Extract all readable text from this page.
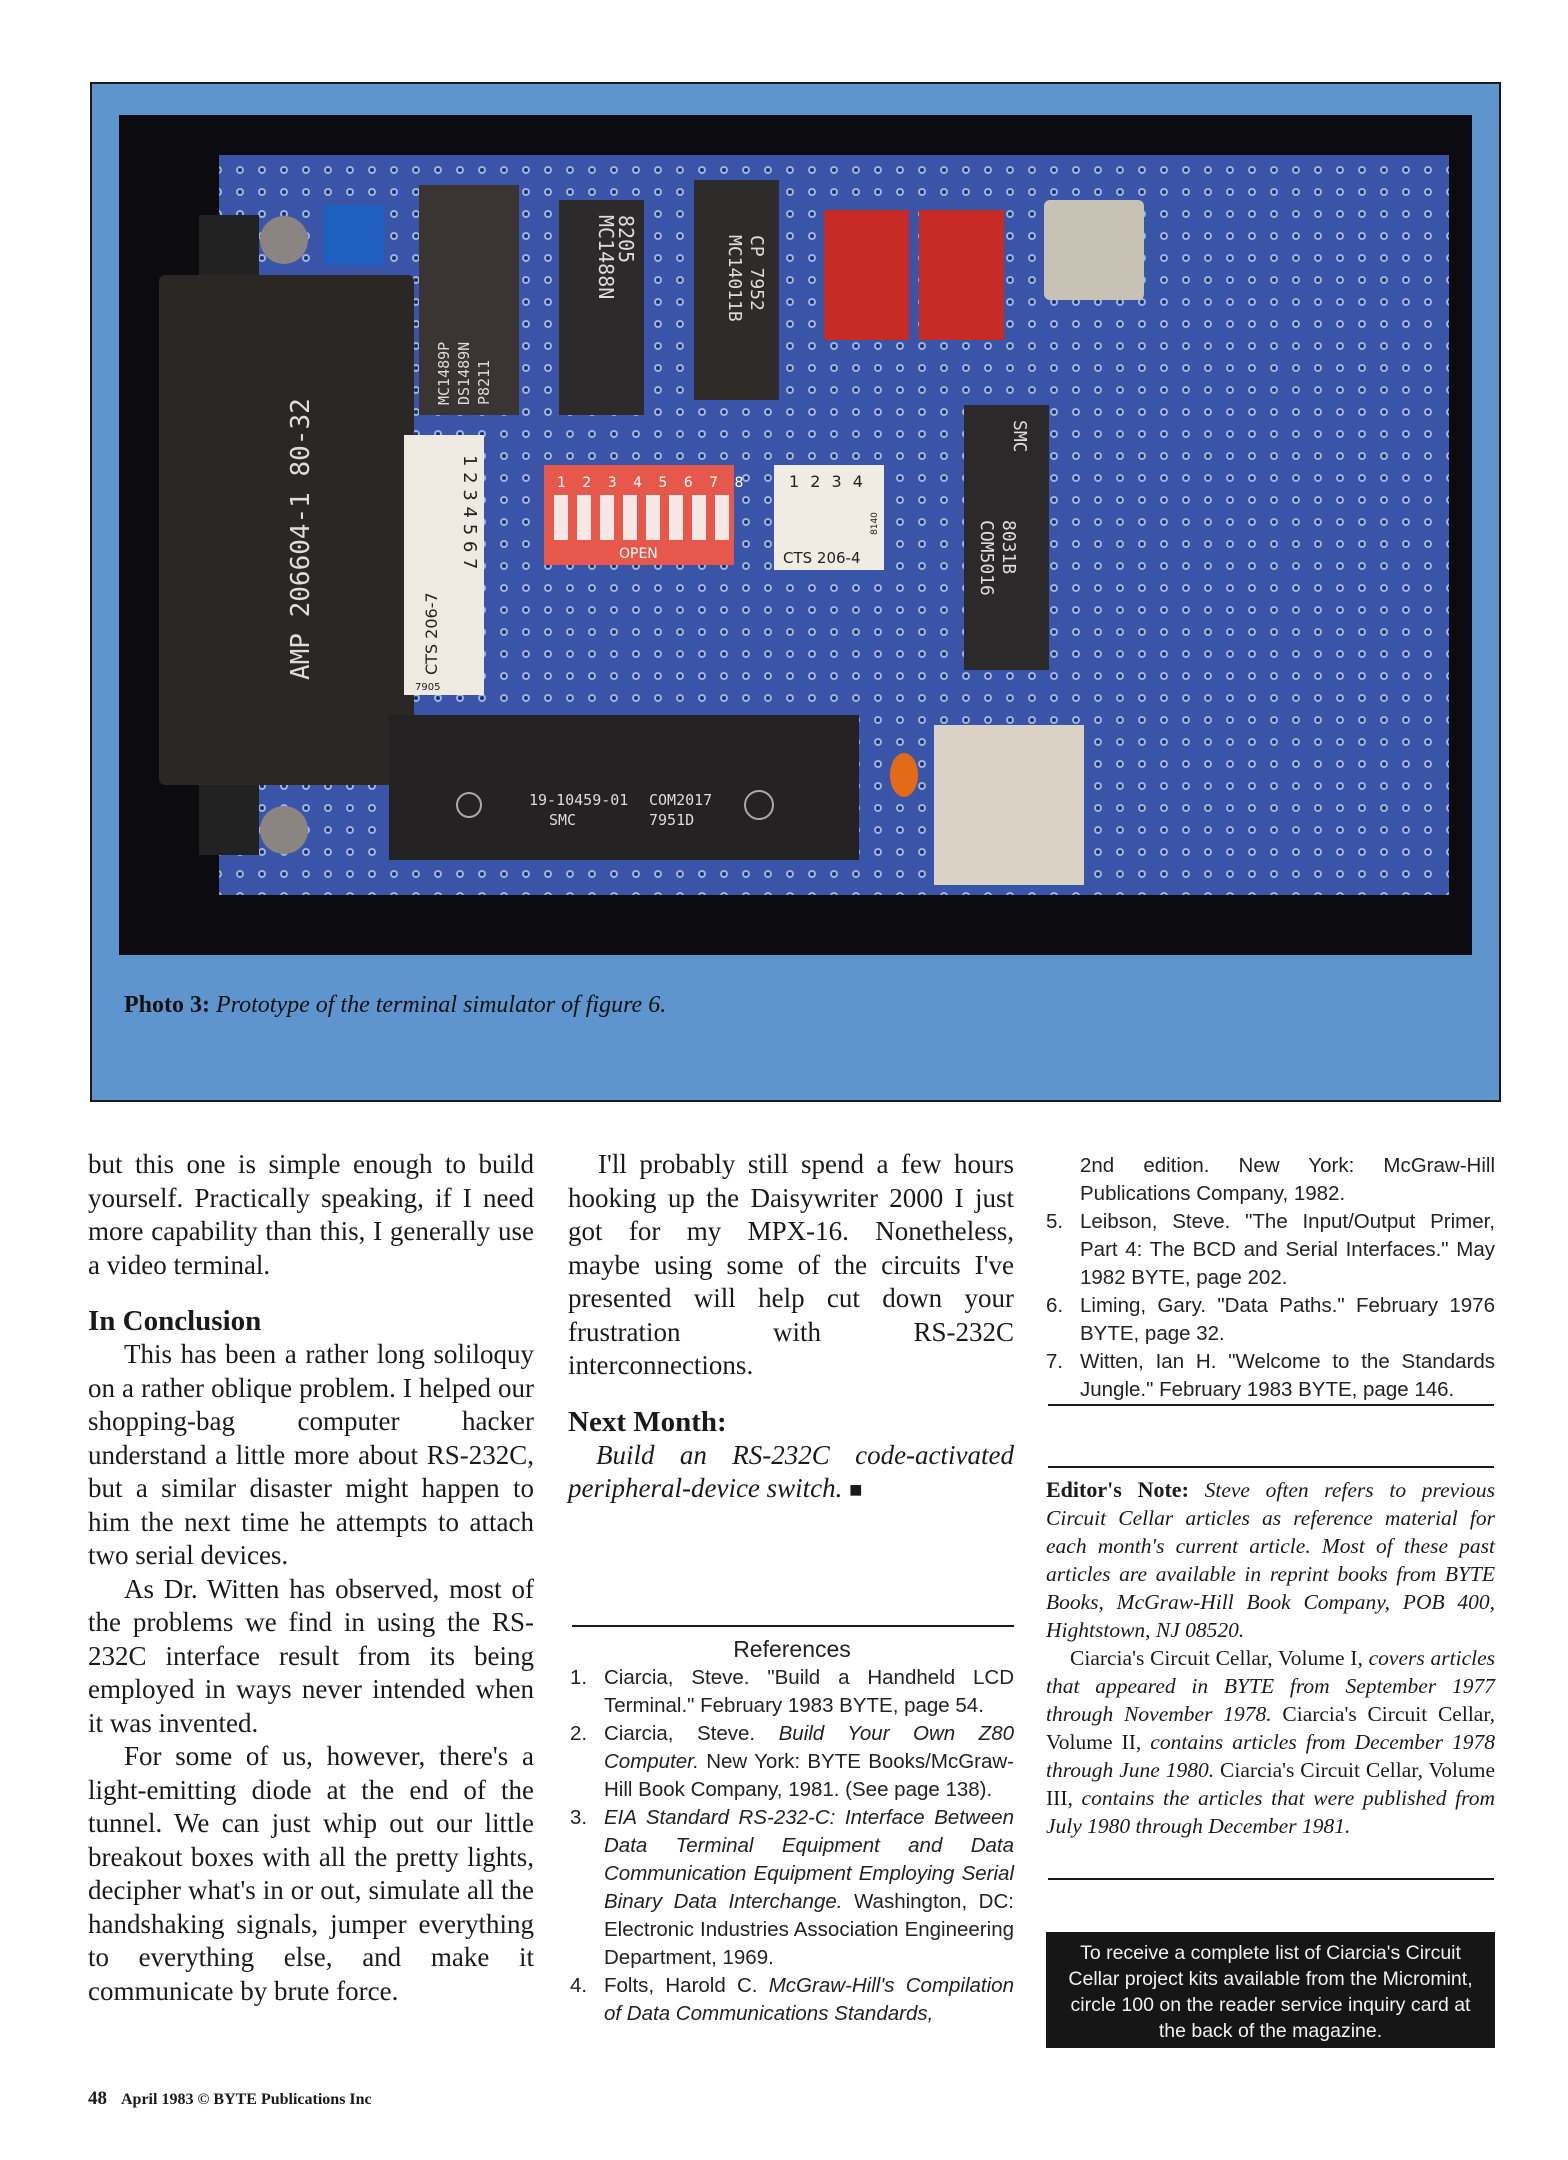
AMP 206604-1 80-32
MC1489P DS1489N P8211
MC1488N
8205	MC14011B CP 7952
CTS 206-7
1 2 3 4 5 6 7
7905
1 2 3 4 5 6 7 8
OPEN
1 2 3 4
CTS 206-4
8140
SMC
COM5016 8031B
19-10459-01
SMC
COM2017
7951D
Photo 3: Prototype of the terminal simulator of figure 6.

but this one is simple enough to build yourself. Practically speaking, if I need more capability than this, I generally use a video terminal.

In Conclusion

This has been a rather long soliloquy on a rather oblique problem. I helped our shopping-bag computer hacker understand a little more about RS-232C, but a similar disaster might happen to him the next time he attempts to attach two serial devices.

As Dr. Witten has observed, most of the problems we find in using the RS-232C interface result from its being employed in ways never intended when it was invented.

For some of us, however, there's a light-emitting diode at the end of the tunnel. We can just whip out our little breakout boxes with all the pretty lights, decipher what's in or out, simulate all the handshaking signals, jumper everything to everything else, and make it communicate by brute force.

I'll probably still spend a few hours hooking up the Daisywriter 2000 I just got for my MPX-16. Nonetheless, maybe using some of the circuits I've presented will help cut down your frustration with RS-232C interconnections.

Next Month:

Build an RS-232C code-activated peripheral-device switch. ■

References
1. Ciarcia, Steve. "Build a Handheld LCD Terminal." February 1983 BYTE, page 54.
2. Ciarcia, Steve. Build Your Own Z80 Computer. New York: BYTE Books/McGraw-Hill Book Company, 1981. (See page 138).
3. EIA Standard RS-232-C: Interface Between Data Terminal Equipment and Data Communication Equipment Employing Serial Binary Data Interchange. Washington, DC: Electronic Industries Association Engineering Department, 1969.
4. Folts, Harold C. McGraw-Hill's Compilation of Data Communications Standards,
2nd edition. New York: McGraw-Hill Publications Company, 1982.
5. Leibson, Steve. "The Input/Output Primer, Part 4: The BCD and Serial Interfaces." May 1982 BYTE, page 202.
6. Liming, Gary. "Data Paths." February 1976 BYTE, page 32.
7. Witten, Ian H. "Welcome to the Standards Jungle." February 1983 BYTE, page 146.

Editor's Note: Steve often refers to previous Circuit Cellar articles as reference material for each month's current article. Most of these past articles are available in reprint books from BYTE Books, McGraw-Hill Book Company, POB 400, Hightstown, NJ 08520.

Ciarcia's Circuit Cellar, Volume I, covers articles that appeared in BYTE from September 1977 through November 1978. Ciarcia's Circuit Cellar, Volume II, contains articles from December 1978 through June 1980. Ciarcia's Circuit Cellar, Volume III, contains the articles that were published from July 1980 through December 1981.

To receive a complete list of Ciarcia's Circuit Cellar project kits available from the Micromint, circle 100 on the reader service inquiry card at the back of the magazine.
48 April 1983 © BYTE Publications Inc
